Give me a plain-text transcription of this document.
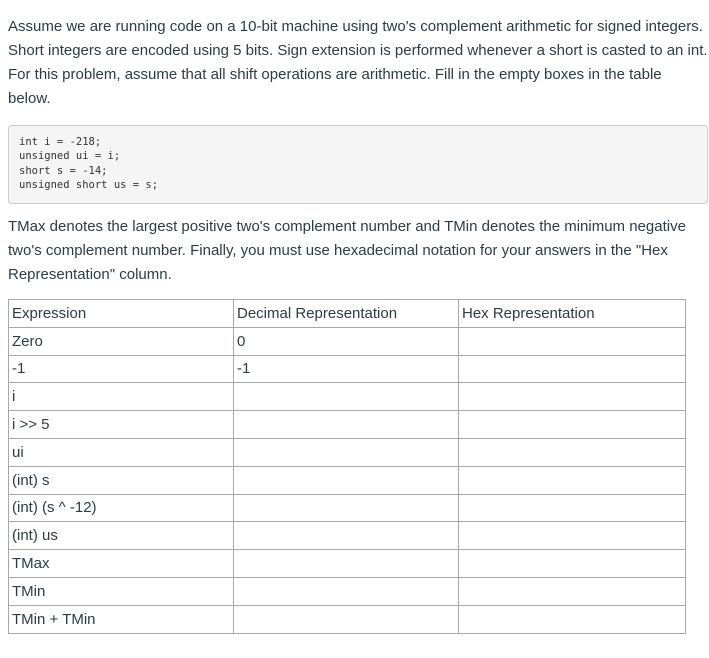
Assume we are running code on a 10-bit machine using two's complement arithmetic for signed integers. Short integers are encoded using 5 bits. Sign extension is performed whenever a short is casted to an int. For this problem, assume that all shift operations are arithmetic. Fill in the empty boxes in the table below.

int i = -218;
unsigned ui = i;
short s = -14;
unsigned short us = s;

TMax denotes the largest positive two's complement number and TMin denotes the minimum negative two's complement number. Finally, you must use hexadecimal notation for your answers in the "Hex Representation" column.

Expression	Decimal Representation	Hex Representation
Zero	0	
-1	-1	
i		
i >> 5		
ui		
(int) s		
(int) (s ^ -12)		
(int) us		
TMax		
TMin		
TMin + TMin		
